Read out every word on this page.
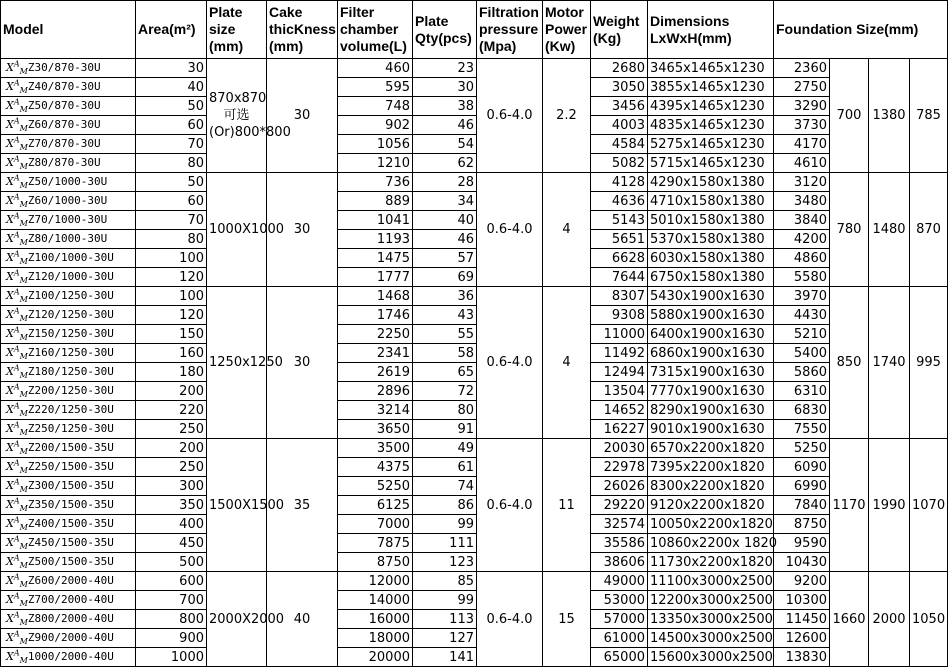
Model	Area(m²)	Plate size (mm)	Cake thicKness (mm)	Filter chamber volume(L)	Plate Qty(pcs)	Filtration pressure (Mpa)	Motor Power (Kw)	Weight (Kg)	Dimensions LxWxH(mm)	Foundation Size(mm)			
$X^A_MZ30/870-30U$	30	870x870 可选(Or)800*800	30	460	23	0.6-4.0	2.2	2680	3465x1465x1230	2360	700	1380	785
$X^A_MZ40/870-30U$	40			595	30			3050	3855x1465x1230	2750			
$X^A_MZ50/870-30U$	50			748	38			3456	4395x1465x1230	3290			
$X^A_MZ60/870-30U$	60			902	46			4003	4835x1465x1230	3730			
$X^A_MZ70/870-30U$	70			1056	54			4584	5275x1465x1230	4170			
$X^A_MZ80/870-30U$	80			1210	62			5082	5715x1465x1230	4610			
$X^A_MZ50/1000-30U$	50	1000X1000	30	736	28	0.6-4.0	4	4128	4290x1580x1380	3120	780	1480	870
$X^A_MZ60/1000-30U$	60			889	34			4636	4710x1580x1380	3480			
$X^A_MZ70/1000-30U$	70			1041	40			5143	5010x1580x1380	3840			
$X^A_MZ80/1000-30U$	80			1193	46			5651	5370x1580x1380	4200			
$X^A_MZ100/1000-30U$	100			1475	57			6628	6030x1580x1380	4860			
$X^A_MZ120/1000-30U$	120			1777	69			7644	6750x1580x1380	5580			
$X^A_MZ100/1250-30U$	100	1250x1250	30	1468	36	0.6-4.0	4	8307	5430x1900x1630	3970	850	1740	995
$X^A_MZ120/1250-30U$	120			1746	43			9308	5880x1900x1630	4430			
$X^A_MZ150/1250-30U$	150			2250	55			11000	6400x1900x1630	5210			
$X^A_MZ160/1250-30U$	160			2341	58			11492	6860x1900x1630	5400			
$X^A_MZ180/1250-30U$	180			2619	65			12494	7315x1900x1630	5860			
$X^A_MZ200/1250-30U$	200			2896	72			13504	7770x1900x1630	6310			
$X^A_MZ220/1250-30U$	220			3214	80			14652	8290x1900x1630	6830			
$X^A_MZ250/1250-30U$	250			3650	91			16227	9010x1900x1630	7550			
$X^A_MZ200/1500-35U$	200	1500X1500	35	3500	49	0.6-4.0	11	20030	6570x2200x1820	5250	1170	1990	1070
$X^A_MZ250/1500-35U$	250			4375	61			22978	7395x2200x1820	6090			
$X^A_MZ300/1500-35U$	300			5250	74			26026	8300x2200x1820	6990			
$X^A_MZ350/1500-35U$	350			6125	86			29220	9120x2200x1820	7840			
$X^A_MZ400/1500-35U$	400			7000	99			32574	10050x2200x1820	8750			
$X^A_MZ450/1500-35U$	450			7875	111			35586	10860x2200x 1820	9590			
$X^A_MZ500/1500-35U$	500			8750	123			38606	11730x2200x1820	10430			
$X^A_MZ600/2000-40U$	600	2000X2000	40	12000	85	0.6-4.0	15	49000	11100x3000x2500	9200	1660	2000	1050
$X^A_MZ700/2000-40U$	700			14000	99			53000	12200x3000x2500	10300			
$X^A_MZ800/2000-40U$	800			16000	113			57000	13350x3000x2500	11450			
$X^A_MZ900/2000-40U$	900			18000	127			61000	14500x3000x2500	12600			
$X^A_M1000/2000-40U$	1000			20000	141			65000	15600x3000x2500	13830			
